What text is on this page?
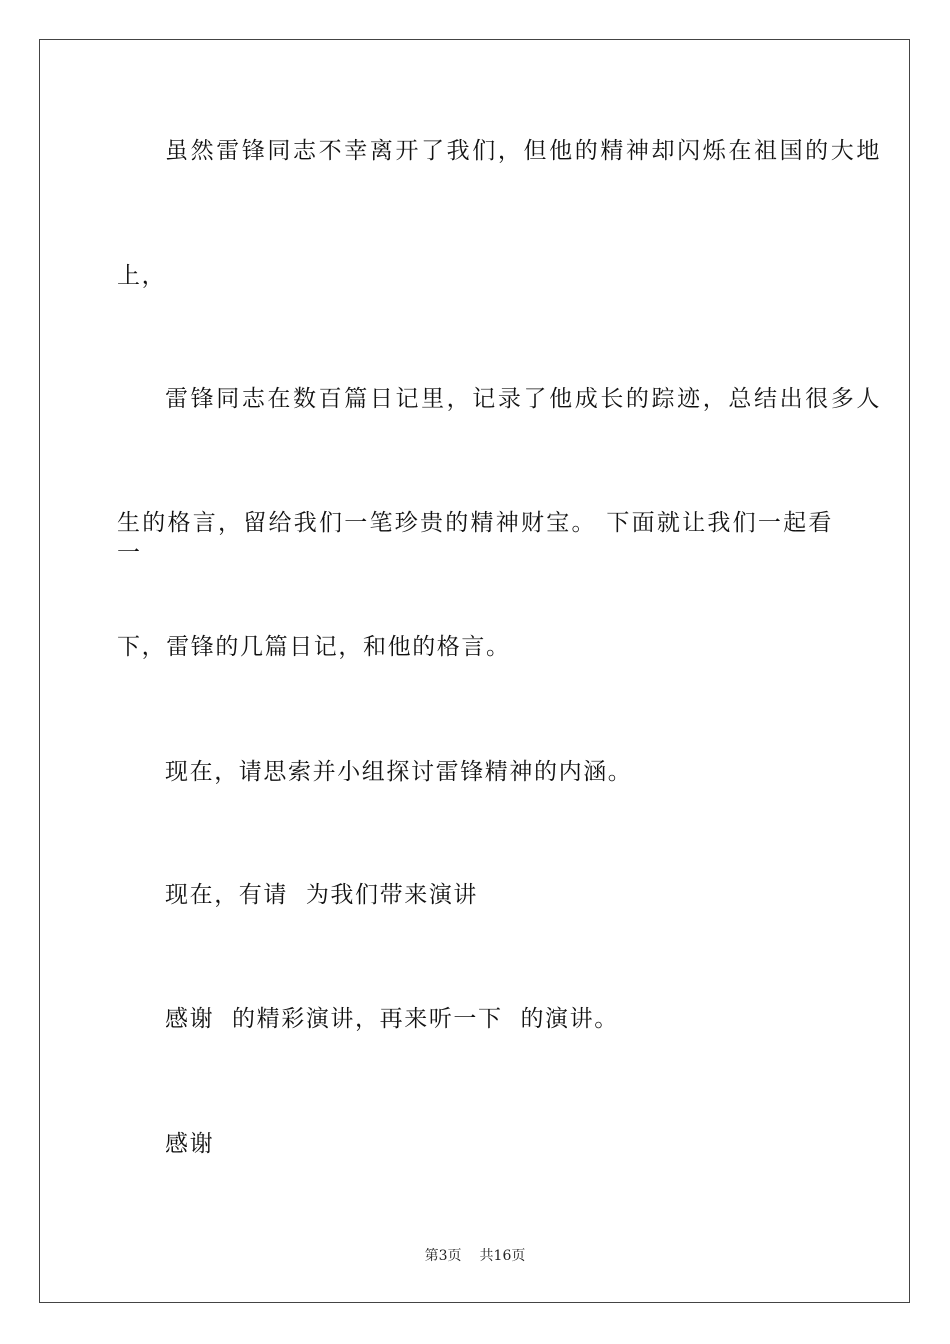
虽然雷锋同志不幸离开了我们，但他的精神却闪烁在祖国的大地
上，
雷锋同志在数百篇日记里，记录了他成长的踪迹，总结出很多人
生的格言，留给我们一笔珍贵的精神财宝。 下面就让我们一起看一
下，雷锋的几篇日记，和他的格言。
现在，请思索并小组探讨雷锋精神的内涵。
现在，有请  为我们带来演讲
感谢  的精彩演讲，再来听一下  的演讲。
感谢
第3页 共16页
